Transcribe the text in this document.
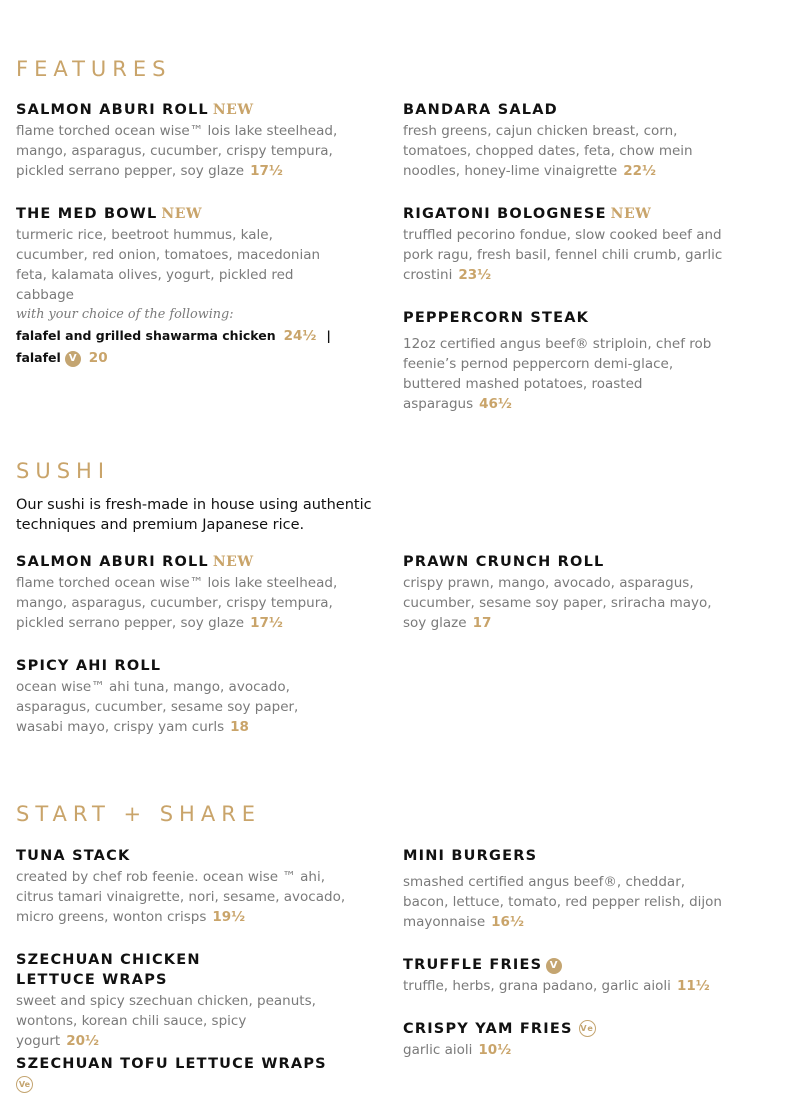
FEATURES

SALMON ABURI ROLL NEW

flame torched ocean wise™ lois lake steelhead, mango, asparagus, cucumber, crispy tempura, pickled serrano pepper, soy glaze 17½

BANDARA SALAD

fresh greens, cajun chicken breast, corn, tomatoes, chopped dates, feta, chow mein noodles, honey-lime vinaigrette 22½

THE MED BOWL NEW

turmeric rice, beetroot hummus, kale, cucumber, red onion, tomatoes, macedonian feta, kalamata olives, yogurt, pickled red cabbage

with your choice of the following:
falafel and grilled shawarma chicken 24½ |
falafel V 20

RIGATONI BOLOGNESE NEW

truffled pecorino fondue, slow cooked beef and pork ragu, fresh basil, fennel chili crumb, garlic crostini 23½

PEPPERCORN STEAK

12oz certified angus beef® striploin, chef rob feenie’s pernod peppercorn demi-glace, buttered mashed potatoes, roasted asparagus 46½

SUSHI
Our sushi is fresh-made in house using authentic techniques and premium Japanese rice.

SALMON ABURI ROLL NEW

flame torched ocean wise™ lois lake steelhead, mango, asparagus, cucumber, crispy tempura, pickled serrano pepper, soy glaze 17½

PRAWN CRUNCH ROLL

crispy prawn, mango, avocado, asparagus, cucumber, sesame soy paper, sriracha mayo, soy glaze 17

SPICY AHI ROLL

ocean wise™ ahi tuna, mango, avocado, asparagus, cucumber, sesame soy paper, wasabi mayo, crispy yam curls 18

START + SHARE

TUNA STACK

created by chef rob feenie. ocean wise ™ ahi, citrus tamari vinaigrette, nori, sesame, avocado, micro greens, wonton crisps 19½

MINI BURGERS

smashed certified angus beef®, cheddar, bacon, lettuce, tomato, red pepper relish, dijon mayonnaise 16½

SZECHUAN CHICKEN LETTUCE WRAPS

sweet and spicy szechuan chicken, peanuts, wontons, korean chili sauce, spicy yogurt 20½

TRUFFLE FRIES V

truffle, herbs, grana padano, garlic aioli 11½

CRISPY YAM FRIES Ve

garlic aioli 10½

SZECHUAN TOFU LETTUCE WRAPS

Ve
